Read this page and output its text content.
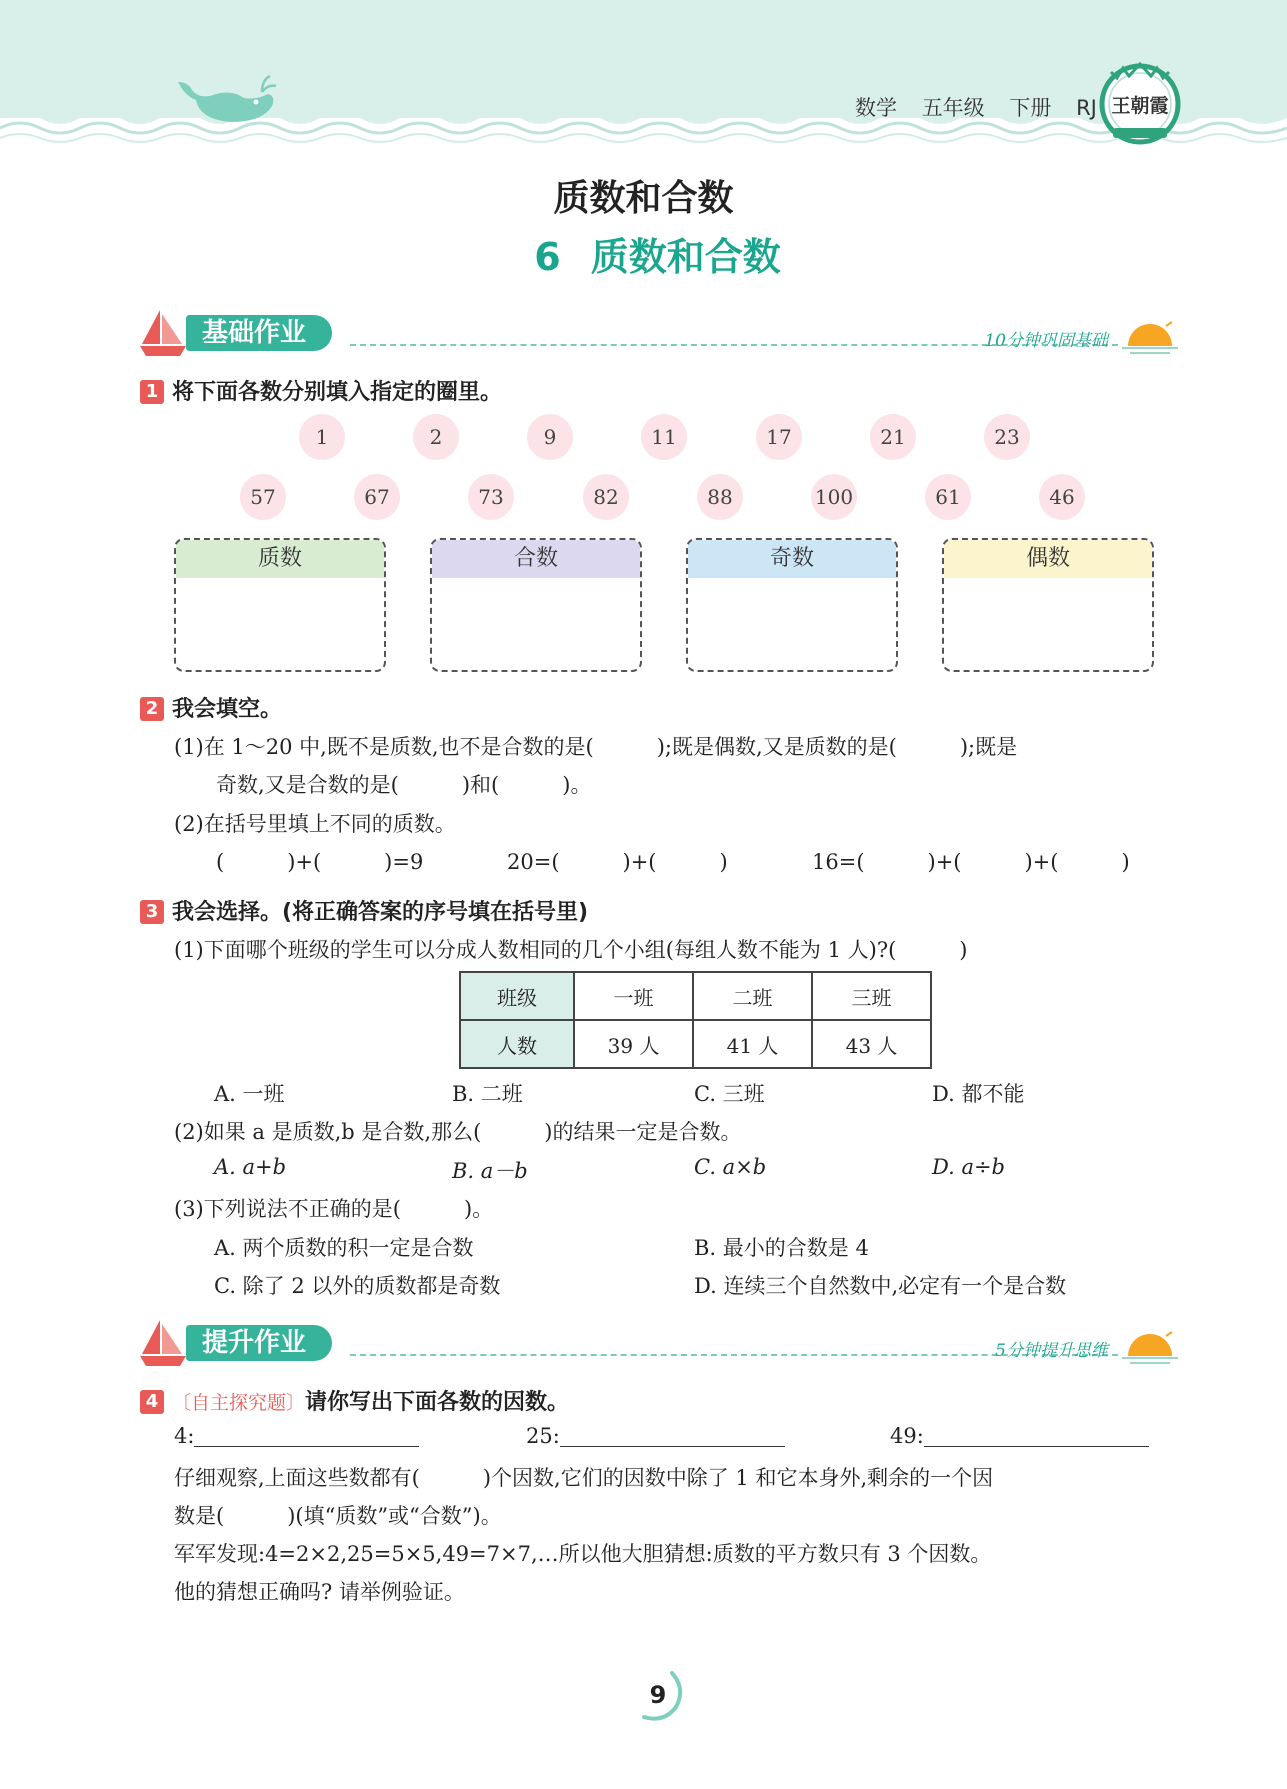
数学 五年级 下册 RJ 王朝霞
质数和合数
6 质数和合数
基础作业	10分钟巩固基础
1 将下面各数分别填入指定的圈里。
1	2	9	11	17	21	23
57	67	73	82	88	100	61	46
质数	合数	奇数	偶数
2 我会填空。
(1)在 1～20 中,既不是质数,也不是合数的是(　　　);既是偶数,又是质数的是(　　　);既是
奇数,又是合数的是(　　　)和(　　　)。
(2)在括号里填上不同的质数。
(　　　)+(　　　)=9	20=(　　　)+(　　　)	16=(　　　)+(　　　)+(　　　)
3 我会选择。(将正确答案的序号填在括号里)
(1)下面哪个班级的学生可以分成人数相同的几个小组(每组人数不能为 1 人)?(　　　)
班级	一班	二班	三班
人数	39 人	41 人	43 人
A. 一班	B. 二班	C. 三班	D. 都不能
(2)如果 a 是质数,b 是合数,那么(　　　)的结果一定是合数。
A. a+b	B. a－b	C. a×b	D. a÷b
(3)下列说法不正确的是(　　　)。
A. 两个质数的积一定是合数	B. 最小的合数是 4
C. 除了 2 以外的质数都是奇数	D. 连续三个自然数中,必定有一个是合数
提升作业	5分钟提升思维
4 〔自主探究题〕请你写出下面各数的因数。
4:	25:	49:
仔细观察,上面这些数都有(　　　)个因数,它们的因数中除了 1 和它本身外,剩余的一个因
数是(　　　)(填“质数”或“合数”)。
军军发现:4=2×2,25=5×5,49=7×7,…所以他大胆猜想:质数的平方数只有 3 个因数。
他的猜想正确吗? 请举例验证。
9
